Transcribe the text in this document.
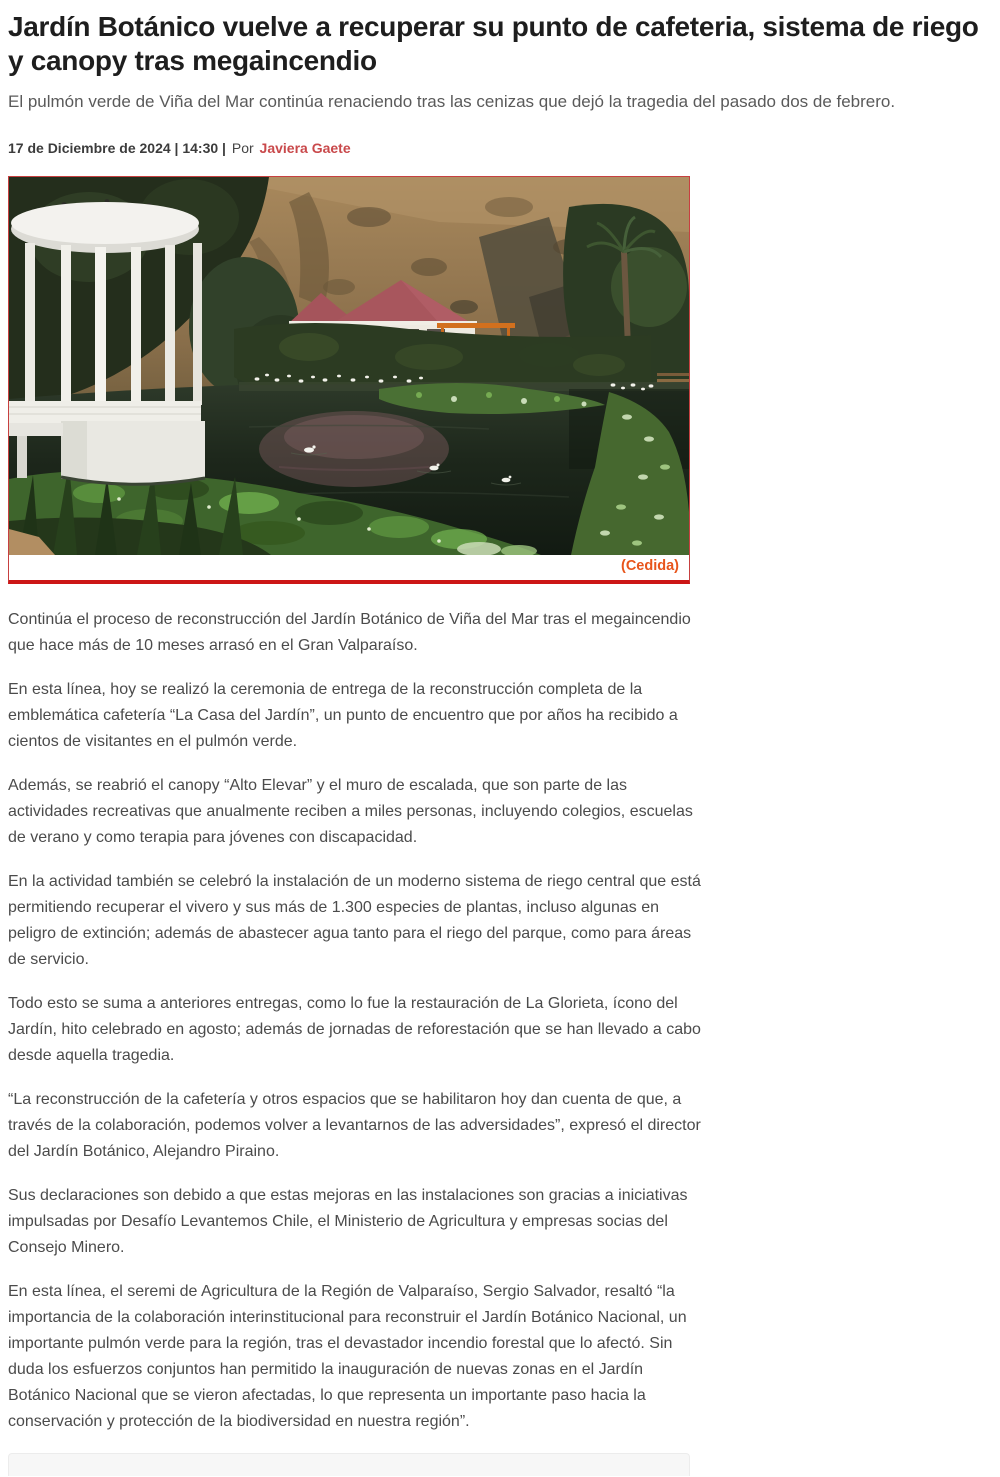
Jardín Botánico vuelve a recuperar su punto de cafeteria, sistema de riego y canopy tras megaincendio

El pulmón verde de Viña del Mar continúa renaciendo tras las cenizas que dejó la tragedia del pasado dos de febrero.

17 de Diciembre de 2024 | 14:30 | Por Javiera Gaete
(Cedida)

Continúa el proceso de reconstrucción del Jardín Botánico de Viña del Mar tras el megaincendio que hace más de 10 meses arrasó en el Gran Valparaíso.

En esta línea, hoy se realizó la ceremonia de entrega de la reconstrucción completa de la emblemática cafetería “La Casa del Jardín”, un punto de encuentro que por años ha recibido a cientos de visitantes en el pulmón verde.

Además, se reabrió el canopy “Alto Elevar” y el muro de escalada, que son parte de las actividades recreativas que anualmente reciben a miles personas, incluyendo colegios, escuelas de verano y como terapia para jóvenes con discapacidad.

En la actividad también se celebró la instalación de un moderno sistema de riego central que está permitiendo recuperar el vivero y sus más de 1.300 especies de plantas, incluso algunas en peligro de extinción; además de abastecer agua tanto para el riego del parque, como para áreas de servicio.

Todo esto se suma a anteriores entregas, como lo fue la restauración de La Glorieta, ícono del Jardín, hito celebrado en agosto; además de jornadas de reforestación que se han llevado a cabo desde aquella tragedia.

“La reconstrucción de la cafetería y otros espacios que se habilitaron hoy dan cuenta de que, a través de la colaboración, podemos volver a levantarnos de las adversidades”, expresó el director del Jardín Botánico, Alejandro Piraino.

Sus declaraciones son debido a que estas mejoras en las instalaciones son gracias a iniciativas impulsadas por Desafío Levantemos Chile, el Ministerio de Agricultura y empresas socias del Consejo Minero.

En esta línea, el seremi de Agricultura de la Región de Valparaíso, Sergio Salvador, resaltó “la importancia de la colaboración interinstitucional para reconstruir el Jardín Botánico Nacional, un importante pulmón verde para la región, tras el devastador incendio forestal que lo afectó. Sin duda los esfuerzos conjuntos han permitido la inauguración de nuevas zonas en el Jardín Botánico Nacional que se vieron afectadas, lo que representa un importante paso hacia la conservación y protección de la biodiversidad en nuestra región”.
